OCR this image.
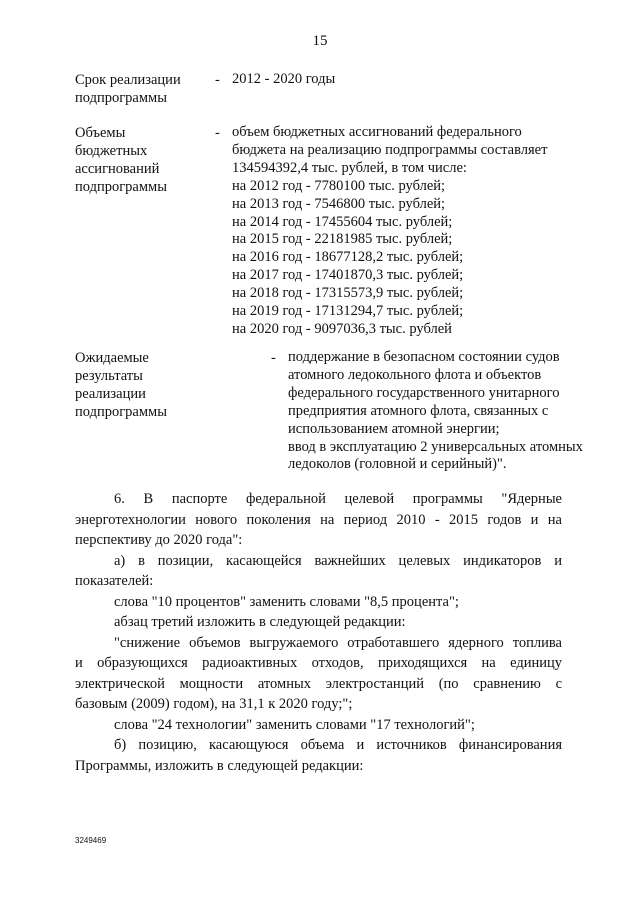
15
Срок реализации
подпрограммы
- 2012 - 2020 годы
Объемы
бюджетных
ассигнований
подпрограммы
- объем бюджетных ассигнований федерального
бюджета на реализацию подпрограммы составляет
134594392,4 тыс. рублей, в том числе:
на 2012 год - 7780100 тыс. рублей;
на 2013 год - 7546800 тыс. рублей;
на 2014 год - 17455604 тыс. рублей;
на 2015 год - 22181985 тыс. рублей;
на 2016 год - 18677128,2 тыс. рублей;
на 2017 год - 17401870,3 тыс. рублей;
на 2018 год - 17315573,9 тыс. рублей;
на 2019 год - 17131294,7 тыс. рублей;
на 2020 год - 9097036,3 тыс. рублей
Ожидаемые
результаты
реализации
подпрограммы
- поддержание в безопасном состоянии судов
атомного ледокольного флота и объектов
федерального государственного унитарного
предприятия атомного флота, связанных с
использованием атомной энергии;
ввод в эксплуатацию 2 универсальных атомных
ледоколов (головной и серийный)".
6. В паспорте федеральной целевой программы "Ядерные
энерготехнологии нового поколения на период 2010 - 2015 годов и на
перспективу до 2020 года":
а) в позиции, касающейся важнейших целевых индикаторов и
показателей:
слова "10 процентов" заменить словами "8,5 процента";
абзац третий изложить в следующей редакции:
"снижение объемов выгружаемого отработавшего ядерного топлива
и образующихся радиоактивных отходов, приходящихся на единицу
электрической мощности атомных электростанций (по сравнению с
базовым (2009) годом), на 31,1 к 2020 году;";
слова "24 технологии" заменить словами "17 технологий";
б) позицию, касающуюся объема и источников финансирования
Программы, изложить в следующей редакции:
3249469
